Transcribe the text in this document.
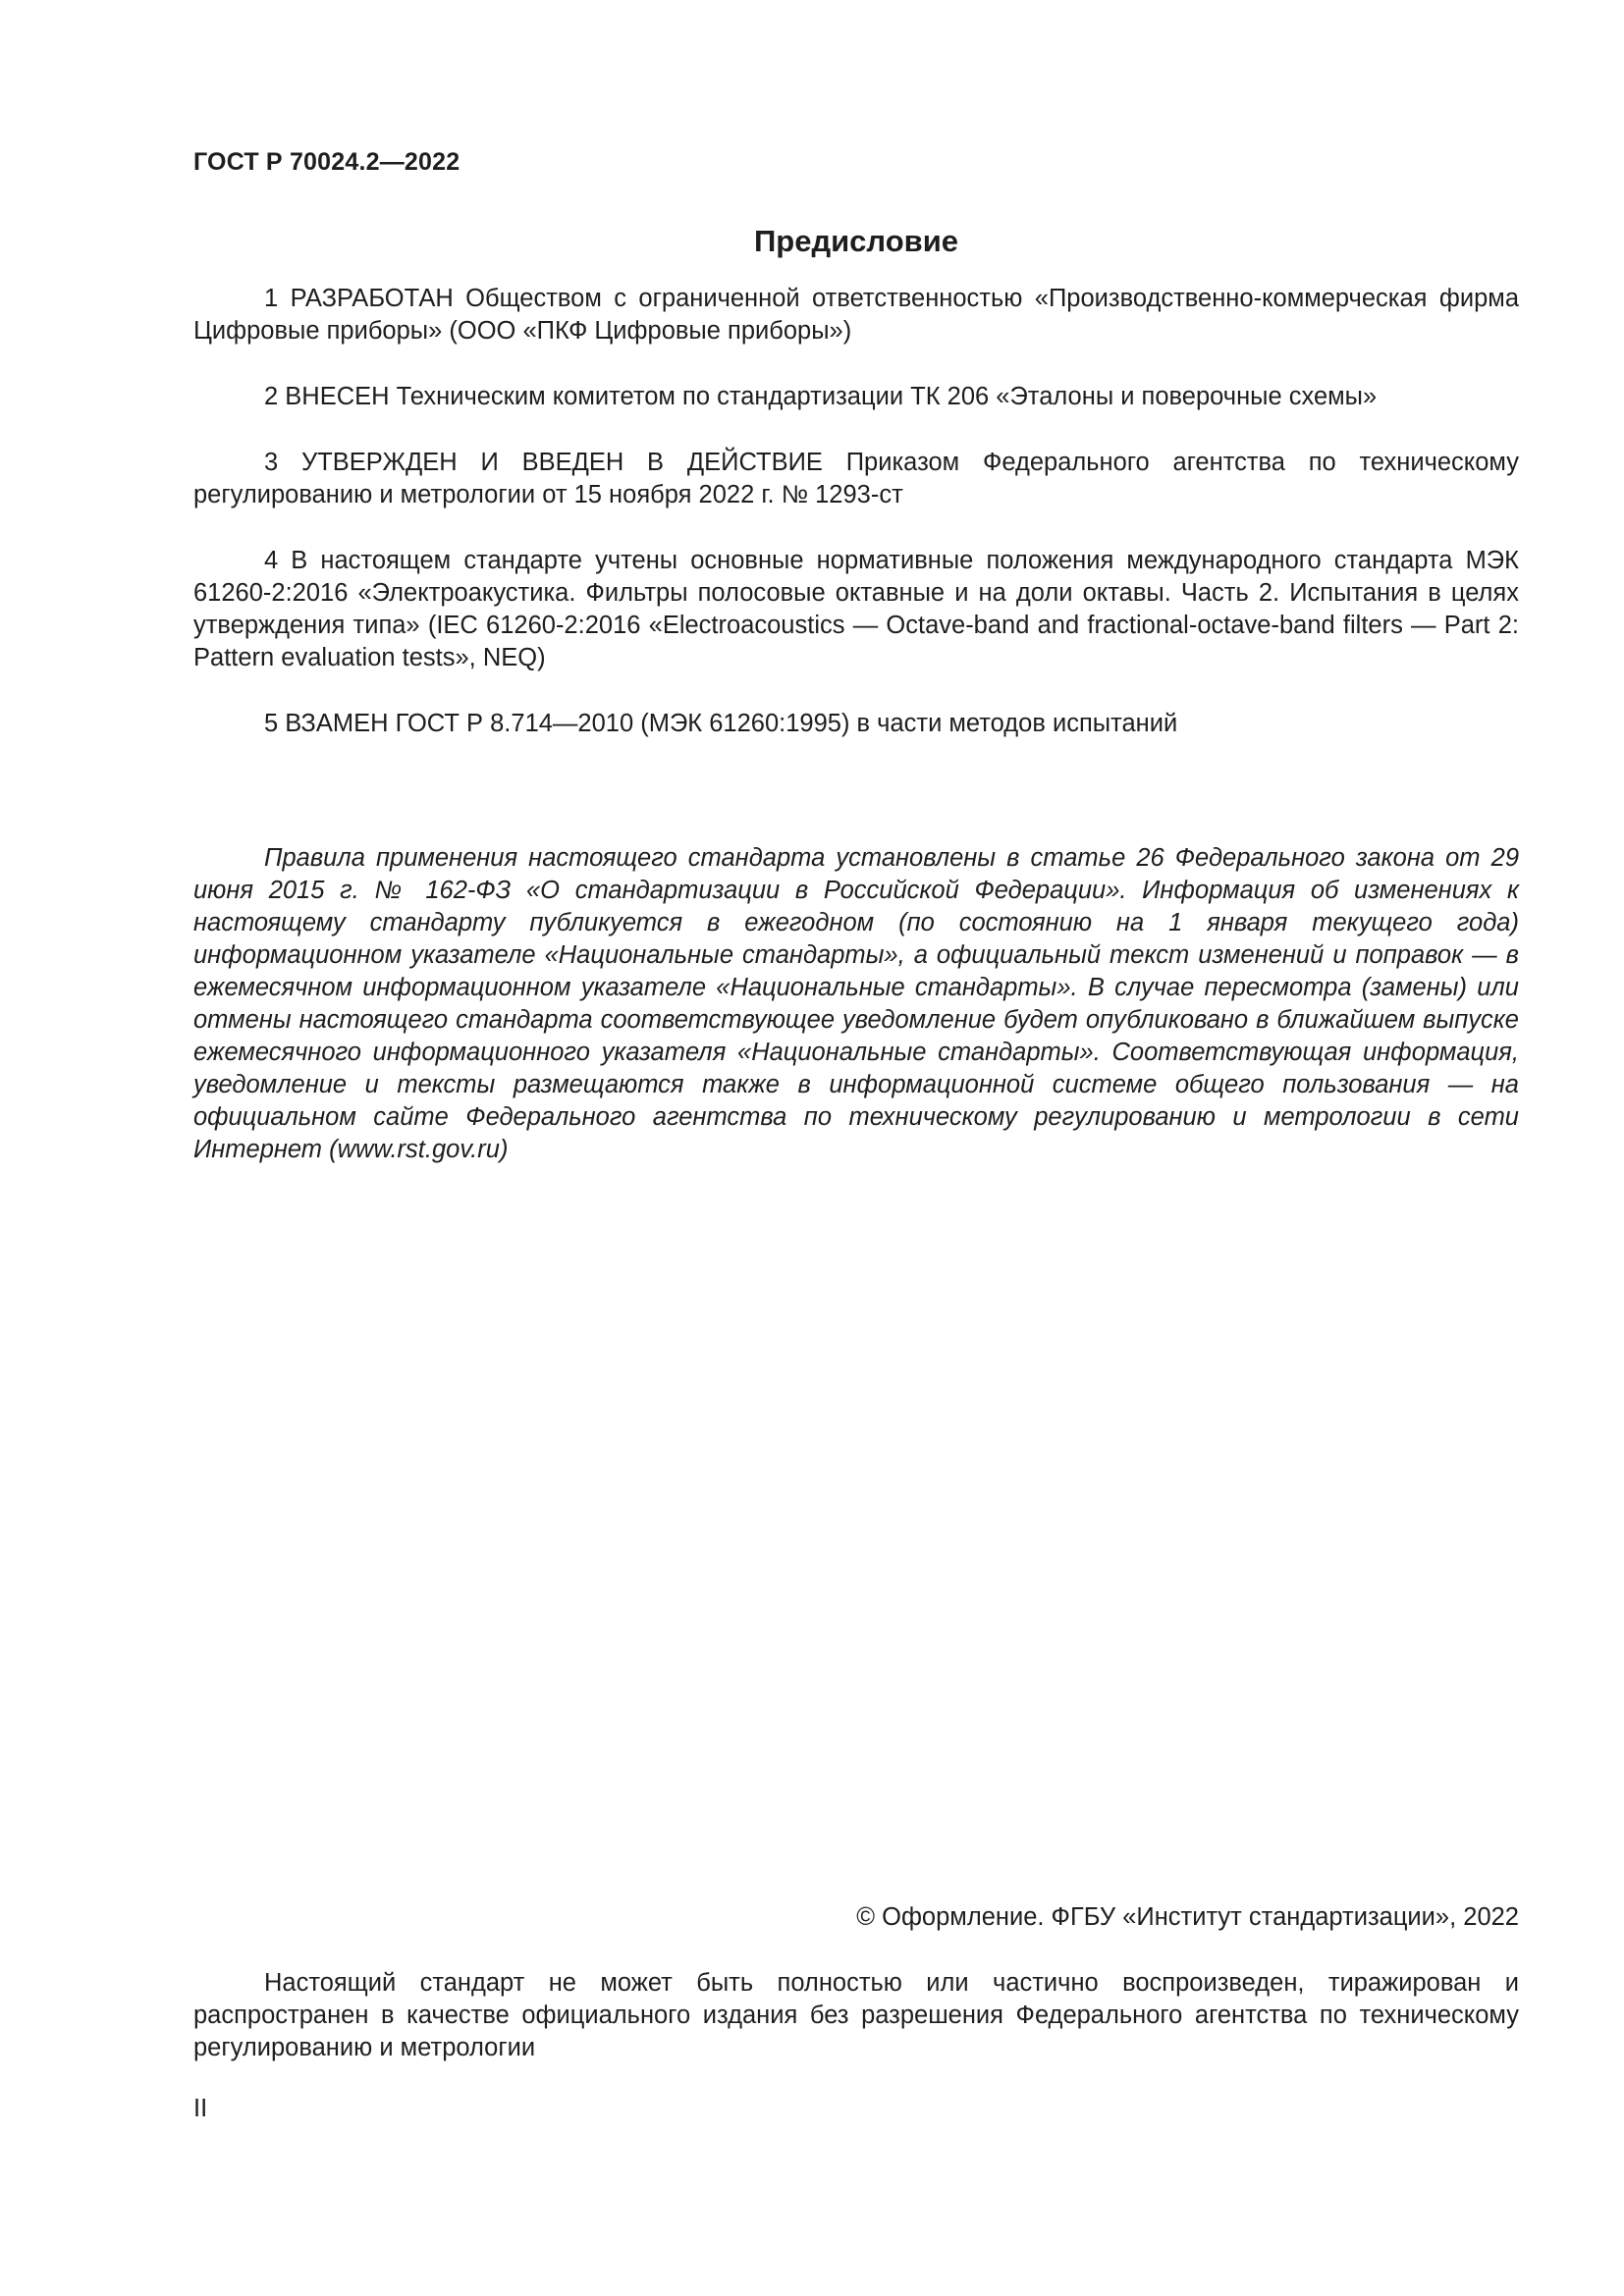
ГОСТ Р 70024.2—2022
Предисловие

1 РАЗРАБОТАН Обществом с ограниченной ответственностью «Производственно-коммерческая фирма Цифровые приборы» (ООО «ПКФ Цифровые приборы»)

2 ВНЕСЕН Техническим комитетом по стандартизации ТК 206 «Эталоны и поверочные схемы»

3 УТВЕРЖДЕН И ВВЕДЕН В ДЕЙСТВИЕ Приказом Федерального агентства по техническому регулированию и метрологии от 15 ноября 2022 г. № 1293-ст

4 В настоящем стандарте учтены основные нормативные положения международного стандарта МЭК 61260-2:2016 «Электроакустика. Фильтры полосовые октавные и на доли октавы. Часть 2. Испытания в целях утверждения типа» (IEC 61260-2:2016 «Electroacoustics — Octave-band and fractional-octave-band filters — Part 2: Pattern evaluation tests», NEQ)

5 ВЗАМЕН ГОСТ Р 8.714—2010 (МЭК 61260:1995) в части методов испытаний

Правила применения настоящего стандарта установлены в статье 26 Федерального закона от 29 июня 2015 г. № 162-ФЗ «О стандартизации в Российской Федерации». Информация об изменениях к настоящему стандарту публикуется в ежегодном (по состоянию на 1 января текущего года) информационном указателе «Национальные стандарты», а официальный текст изменений и поправок — в ежемесячном информационном указателе «Национальные стандарты». В случае пересмотра (замены) или отмены настоящего стандарта соответствующее уведомление будет опубликовано в ближайшем выпуске ежемесячного информационного указателя «Национальные стандарты». Соответствующая информация, уведомление и тексты размещаются также в информационной системе общего пользования — на официальном сайте Федерального агентства по техническому регулированию и метрологии в сети Интернет (www.rst.gov.ru)

© Оформление. ФГБУ «Институт стандартизации», 2022

Настоящий стандарт не может быть полностью или частично воспроизведен, тиражирован и распространен в качестве официального издания без разрешения Федерального агентства по техническому регулированию и метрологии

II
